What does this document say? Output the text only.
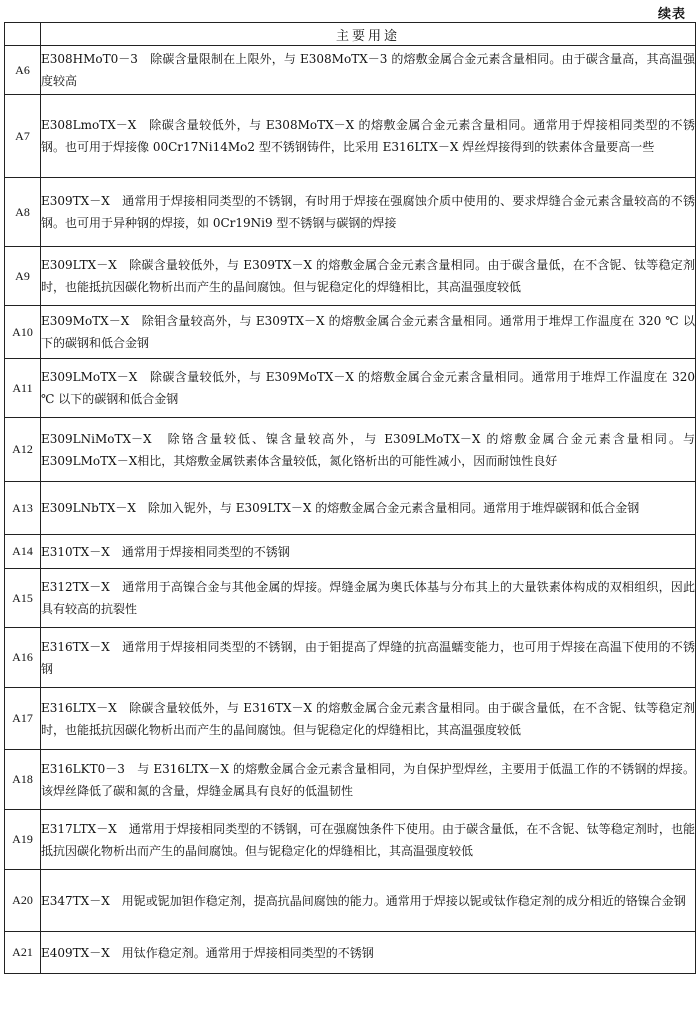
续表
	主要用途
A6	E308HMoT0－3　除碳含量限制在上限外，与 E308MoTX－3 的熔敷金属合金元素含量相同。由于碳含量高，其高温强度较高
A7	E308LmoTX－X　除碳含量较低外，与 E308MoTX－X 的熔敷金属合金元素含量相同。通常用于焊接相同类型的不锈钢。也可用于焊接像 00Cr17Ni14Mo2 型不锈钢铸件，比采用 E316LTX－X 焊丝焊接得到的铁素体含量要高一些
A8	E309TX－X　通常用于焊接相同类型的不锈钢，有时用于焊接在强腐蚀介质中使用的、要求焊缝合金元素含量较高的不锈钢。也可用于异种钢的焊接，如 0Cr19Ni9 型不锈钢与碳钢的焊接
A9	E309LTX－X　除碳含量较低外，与 E309TX－X 的熔敷金属合金元素含量相同。由于碳含量低，在不含铌、钛等稳定剂时，也能抵抗因碳化物析出而产生的晶间腐蚀。但与铌稳定化的焊缝相比，其高温强度较低
A10	E309MoTX－X　除钼含量较高外，与 E309TX－X 的熔敷金属合金元素含量相同。通常用于堆焊工作温度在 320 ℃ 以下的碳钢和低合金钢
A11	E309LMoTX－X　除碳含量较低外，与 E309MoTX－X 的熔敷金属合金元素含量相同。通常用于堆焊工作温度在 320 ℃ 以下的碳钢和低合金钢
A12	E309LNiMoTX－X　除铬含量较低、镍含量较高外，与 E309LMoTX－X 的熔敷金属合金元素含量相同。与 E309LMoTX－X相比，其熔敷金属铁素体含量较低，氮化铬析出的可能性减小，因而耐蚀性良好
A13	E309LNbTX－X　除加入铌外，与 E309LTX－X 的熔敷金属合金元素含量相同。通常用于堆焊碳钢和低合金钢
A14	E310TX－X　通常用于焊接相同类型的不锈钢
A15	E312TX－X　通常用于高镍合金与其他金属的焊接。焊缝金属为奥氏体基与分布其上的大量铁素体构成的双相组织，因此具有较高的抗裂性
A16	E316TX－X　通常用于焊接相同类型的不锈钢，由于钼提高了焊缝的抗高温蠕变能力，也可用于焊接在高温下使用的不锈钢
A17	E316LTX－X　除碳含量较低外，与 E316TX－X 的熔敷金属合金元素含量相同。由于碳含量低，在不含铌、钛等稳定剂时，也能抵抗因碳化物析出而产生的晶间腐蚀。但与铌稳定化的焊缝相比，其高温强度较低
A18	E316LKT0－3　与 E316LTX－X 的熔敷金属合金元素含量相同，为自保护型焊丝，主要用于低温工作的不锈钢的焊接。该焊丝降低了碳和氮的含量，焊缝金属具有良好的低温韧性
A19	E317LTX－X　通常用于焊接相同类型的不锈钢，可在强腐蚀条件下使用。由于碳含量低，在不含铌、钛等稳定剂时，也能抵抗因碳化物析出而产生的晶间腐蚀。但与铌稳定化的焊缝相比，其高温强度较低
A20	E347TX－X　用铌或铌加钽作稳定剂，提高抗晶间腐蚀的能力。通常用于焊接以铌或钛作稳定剂的成分相近的铬镍合金钢
A21	E409TX－X　用钛作稳定剂。通常用于焊接相同类型的不锈钢
